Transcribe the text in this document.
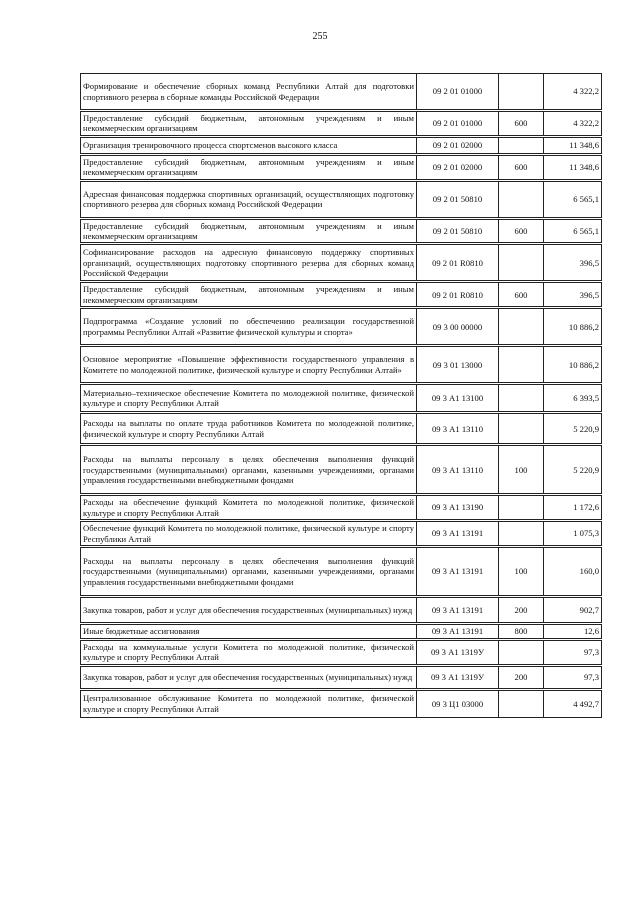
255
Формирование и обеспечение сборных команд Республики Алтай для подготовки спортивного резерва в сборные команды Российской Федерации	09 2 01 01000		4 322,2

Предоставление субсидий бюджетным, автономным учреждениям и иным некоммерческим организациям	09 2 01 01000	600	4 322,2

Организация тренировочного процесса спортсменов высокого класса	09 2 01 02000		11 348,6

Предоставление субсидий бюджетным, автономным учреждениям и иным некоммерческим организациям	09 2 01 02000	600	11 348,6

Адресная финансовая поддержка спортивных организаций, осуществляющих подготовку спортивного резерва для сборных команд Российской Федерации	09 2 01 50810		6 565,1

Предоставление субсидий бюджетным, автономным учреждениям и иным некоммерческим организациям	09 2 01 50810	600	6 565,1

Софинансирование расходов на адресную финансовую поддержку спортивных организаций, осуществляющих подготовку спортивного резерва для сборных команд Российской Федерации	09 2 01 R0810		396,5

Предоставление субсидий бюджетным, автономным учреждениям и иным некоммерческим организациям	09 2 01 R0810	600	396,5

Подпрограмма «Создание условий по обеспечению реализации государственной программы Республики Алтай «Развитие физической культуры и спорта»	09 3 00 00000		10 886,2

Основное мероприятие «Повышение эффективности государственного управления в Комитете по молодежной политике, физической культуре и спорту Республики Алтай»	09 3 01 13000		10 886,2

Материально–техническое обеспечение Комитета по молодежной политике, физической культуре и спорту Республики Алтай	09 3 А1 13100		6 393,5

Расходы на выплаты по оплате труда работников Комитета по молодежной политике, физической культуре и спорту Республики Алтай	09 3 А1 13110		5 220,9

Расходы на выплаты персоналу в целях обеспечения выполнения функций государственными (муниципальными) органами, казенными учреждениями, органами управления государственными внебюджетными фондами	09 3 А1 13110	100	5 220,9

Расходы на обеспечение функций Комитета по молодежной политике, физической культуре и спорту Республики Алтай	09 3 А1 13190		1 172,6

Обеспечение функций Комитета по молодежной политике, физической культуре и спорту Республики Алтай	09 3 А1 13191		1 075,3

Расходы на выплаты персоналу в целях обеспечения выполнения функций государственными (муниципальными) органами, казенными учреждениями, органами управления государственными внебюджетными фондами	09 3 А1 13191	100	160,0

Закупка товаров, работ и услуг для обеспечения государственных (муниципальных) нужд	09 3 А1 13191	200	902,7

Иные бюджетные ассигнования	09 3 А1 13191	800	12,6

Расходы на коммунальные услуги Комитета по молодежной политике, физической культуре и спорту Республики Алтай	09 3 А1 1319У		97,3

Закупка товаров, работ и услуг для обеспечения государственных (муниципальных) нужд	09 3 А1 1319У	200	97,3

Централизованное обслуживание Комитета по молодежной политике, физической культуре и спорту Республики Алтай	09 3 Ц1 03000		4 492,7
